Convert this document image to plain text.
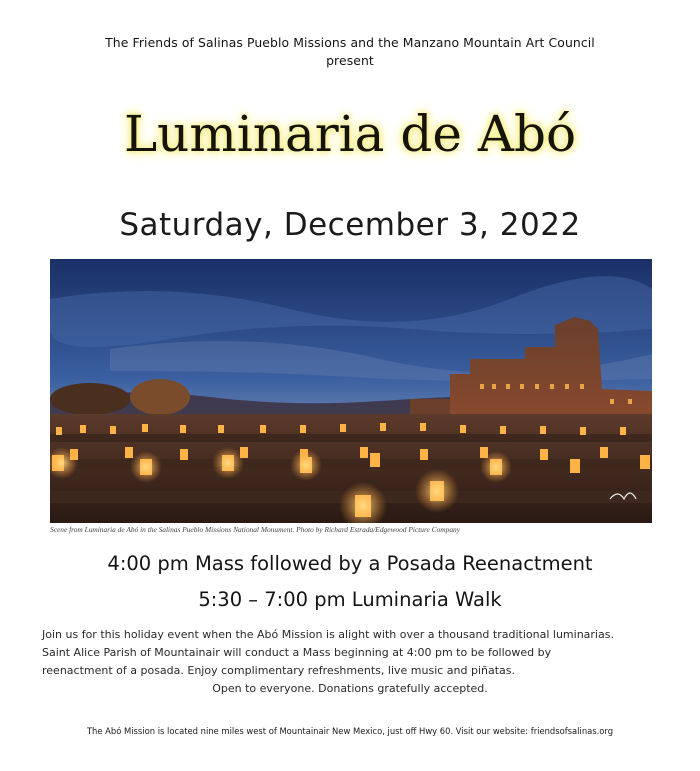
The Friends of Salinas Pueblo Missions and the Manzano Mountain Art Council
present
Luminaria de Abó
Saturday, December 3, 2022
Scene from Luminaria de Abó in the Salinas Pueblo Missions National Monument. Photo by Richard Estrada/Edgewood Picture Company
4:00 pm Mass followed by a Posada Reenactment
5:30 – 7:00 pm Luminaria Walk
Join us for this holiday event when the Abó Mission is alight with over a thousand traditional luminarias.
Saint Alice Parish of Mountainair will conduct a Mass beginning at 4:00 pm to be followed by
reenactment of a posada. Enjoy complimentary refreshments, live music and piñatas.
Open to everyone. Donations gratefully accepted.
The Abó Mission is located nine miles west of Mountainair New Mexico, just off Hwy 60. Visit our website: friendsofsalinas.org
